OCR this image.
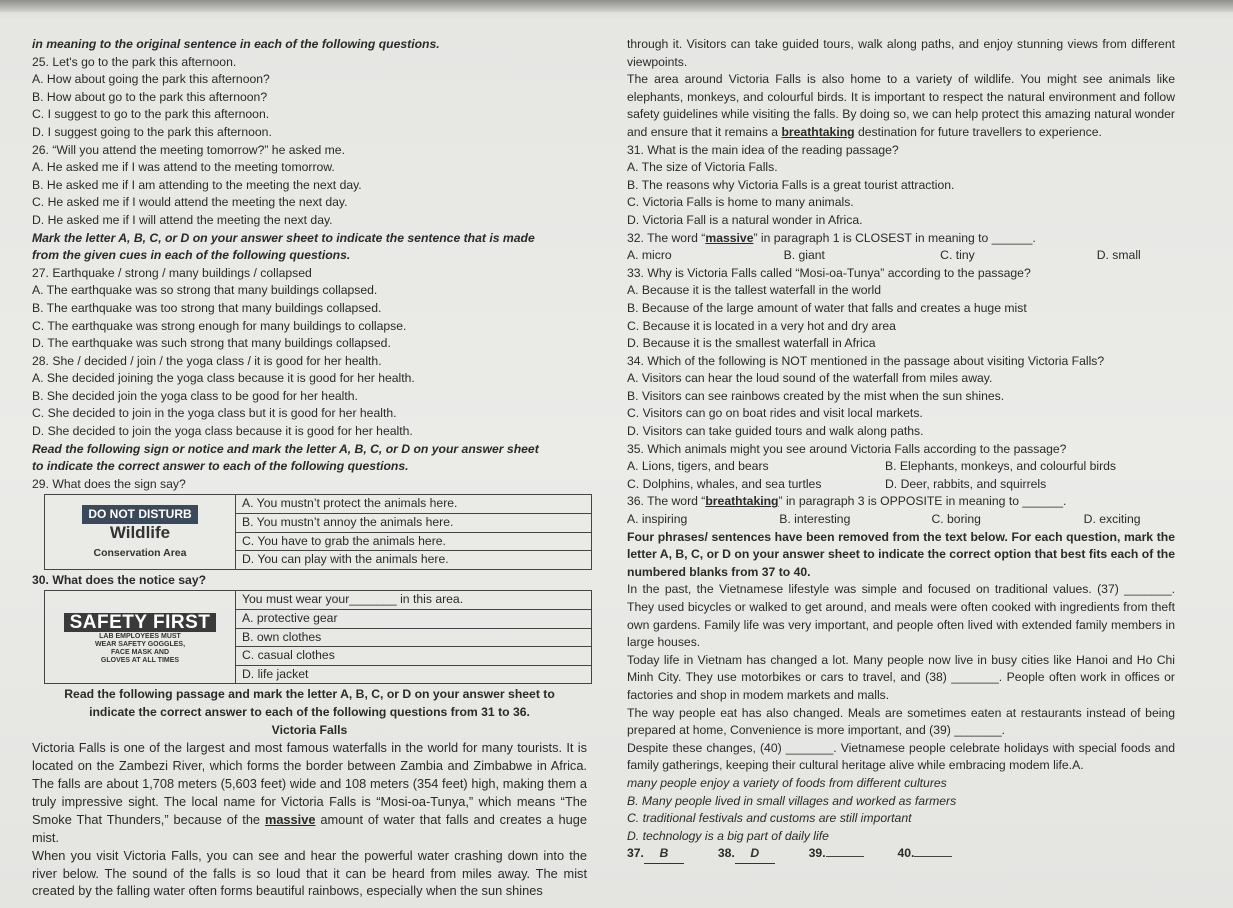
in meaning to the original sentence in each of the following questions.
25. Let's go to the park this afternoon.
A. How about going the park this afternoon?
B. How about go to the park this afternoon?
C. I suggest to go to the park this afternoon.
D. I suggest going to the park this afternoon.
26. “Will you attend the meeting tomorrow?” he asked me.
A. He asked me if I was attend to the meeting tomorrow.
B. He asked me if I am attending to the meeting the next day.
C. He asked me if I would attend the meeting the next day.
D. He asked me if I will attend the meeting the next day.
Mark the letter A, B, C, or D on your answer sheet to indicate the sentence that is made
from the given cues in each of the following questions.
27. Earthquake / strong / many buildings / collapsed
A. The earthquake was so strong that many buildings collapsed.
B. The earthquake was too strong that many buildings collapsed.
C. The earthquake was strong enough for many buildings to collapse.
D. The earthquake was such strong that many buildings collapsed.
28. She / decided / join / the yoga class / it is good for her health.
A. She decided joining the yoga class because it is good for her health.
B. She decided join the yoga class to be good for her health.
C. She decided to join in the yoga class but it is good for her health.
D. She decided to join the yoga class because it is good for her health.
Read the following sign or notice and mark the letter A, B, C, or D on your answer sheet
to indicate the correct answer to each of the following questions.
29. What does the sign say?
DO NOT DISTURB
Wildlife
Conservation Area	A. You mustn’t protect the animals here.
B. You mustn’t annoy the animals here.
C. You have to grab the animals here.
D. You can play with the animals here.
30. What does the notice say?
SAFETY FIRST
LAB EMPLOYEES MUST
WEAR SAFETY GOGGLES,
FACE MASK AND
GLOVES AT ALL TIMES
	You must wear your_______ in this area.
A. protective gear
B. own clothes
C. casual clothes
D. life jacket
Read the following passage and mark the letter A, B, C, or D on your answer sheet to
indicate the correct answer to each of the following questions from 31 to 36.
Victoria Falls
Victoria Falls is one of the largest and most famous waterfalls in the world for many tourists. It is located on the Zambezi River, which forms the border between Zambia and Zimbabwe in Africa. The falls are about 1,708 meters (5,603 feet) wide and 108 meters (354 feet) high, making them a truly impressive sight. The local name for Victoria Falls is “Mosi-oa-Tunya,” which means “The Smoke That Thunders,” because of the massive amount of water that falls and creates a huge mist.
When you visit Victoria Falls, you can see and hear the powerful water crashing down into the river below. The sound of the falls is so loud that it can be heard from miles away. The mist created by the falling water often forms beautiful rainbows, especially when the sun shines
through it. Visitors can take guided tours, walk along paths, and enjoy stunning views from different viewpoints.
The area around Victoria Falls is also home to a variety of wildlife. You might see animals like elephants, monkeys, and colourful birds. It is important to respect the natural environment and follow safety guidelines while visiting the falls. By doing so, we can help protect this amazing natural wonder and ensure that it remains a breathtaking destination for future travellers to experience.
31. What is the main idea of the reading passage?
A. The size of Victoria Falls.
B. The reasons why Victoria Falls is a great tourist attraction.
C. Victoria Falls is home to many animals.
D. Victoria Fall is a natural wonder in Africa.
32. The word “massive” in paragraph 1 is CLOSEST in meaning to ______.
A. micro	B. giant	C. tiny	D. small
33. Why is Victoria Falls called “Mosi-oa-Tunya” according to the passage?
A. Because it is the tallest waterfall in the world
B. Because of the large amount of water that falls and creates a huge mist
C. Because it is located in a very hot and dry area
D. Because it is the smallest waterfall in Africa
34. Which of the following is NOT mentioned in the passage about visiting Victoria Falls?
A. Visitors can hear the loud sound of the waterfall from miles away.
B. Visitors can see rainbows created by the mist when the sun shines.
C. Visitors can go on boat rides and visit local markets.
D. Visitors can take guided tours and walk along paths.
35. Which animals might you see around Victoria Falls according to the passage?
A. Lions, tigers, and bears	B. Elephants, monkeys, and colourful birds
C. Dolphins, whales, and sea turtles	D. Deer, rabbits, and squirrels
36. The word “breathtaking” in paragraph 3 is OPPOSITE in meaning to ______.
A. inspiring	B. interesting	C. boring	D. exciting
Four phrases/ sentences have been removed from the text below. For each question, mark the letter A, B, C, or D on your answer sheet to indicate the correct option that best fits each of the numbered blanks from 37 to 40.
In the past, the Vietnamese lifestyle was simple and focused on traditional values. (37) _______. They used bicycles or walked to get around, and meals were often cooked with ingredients from theft own gardens. Family life was very important, and people often lived with extended family members in large houses.
Today life in Vietnam has changed a lot. Many people now live in busy cities like Hanoi and Ho Chi Minh City. They use motorbikes or cars to travel, and (38) _______. People often work in offices or factories and shop in modem markets and malls.
The way people eat has also changed. Meals are sometimes eaten at restaurants instead of being prepared at home, Convenience is more important, and (39) _______.
Despite these changes, (40) _______. Vietnamese people celebrate holidays with special foods and family gatherings, keeping their cultural heritage alive while embracing modem life.A.
many people enjoy a variety of foods from different cultures
B. Many people lived in small villages and worked as farmers
C. traditional festivals and customs are still important
D. technology is a big part of daily life
37. B	38. D	39.	40.
